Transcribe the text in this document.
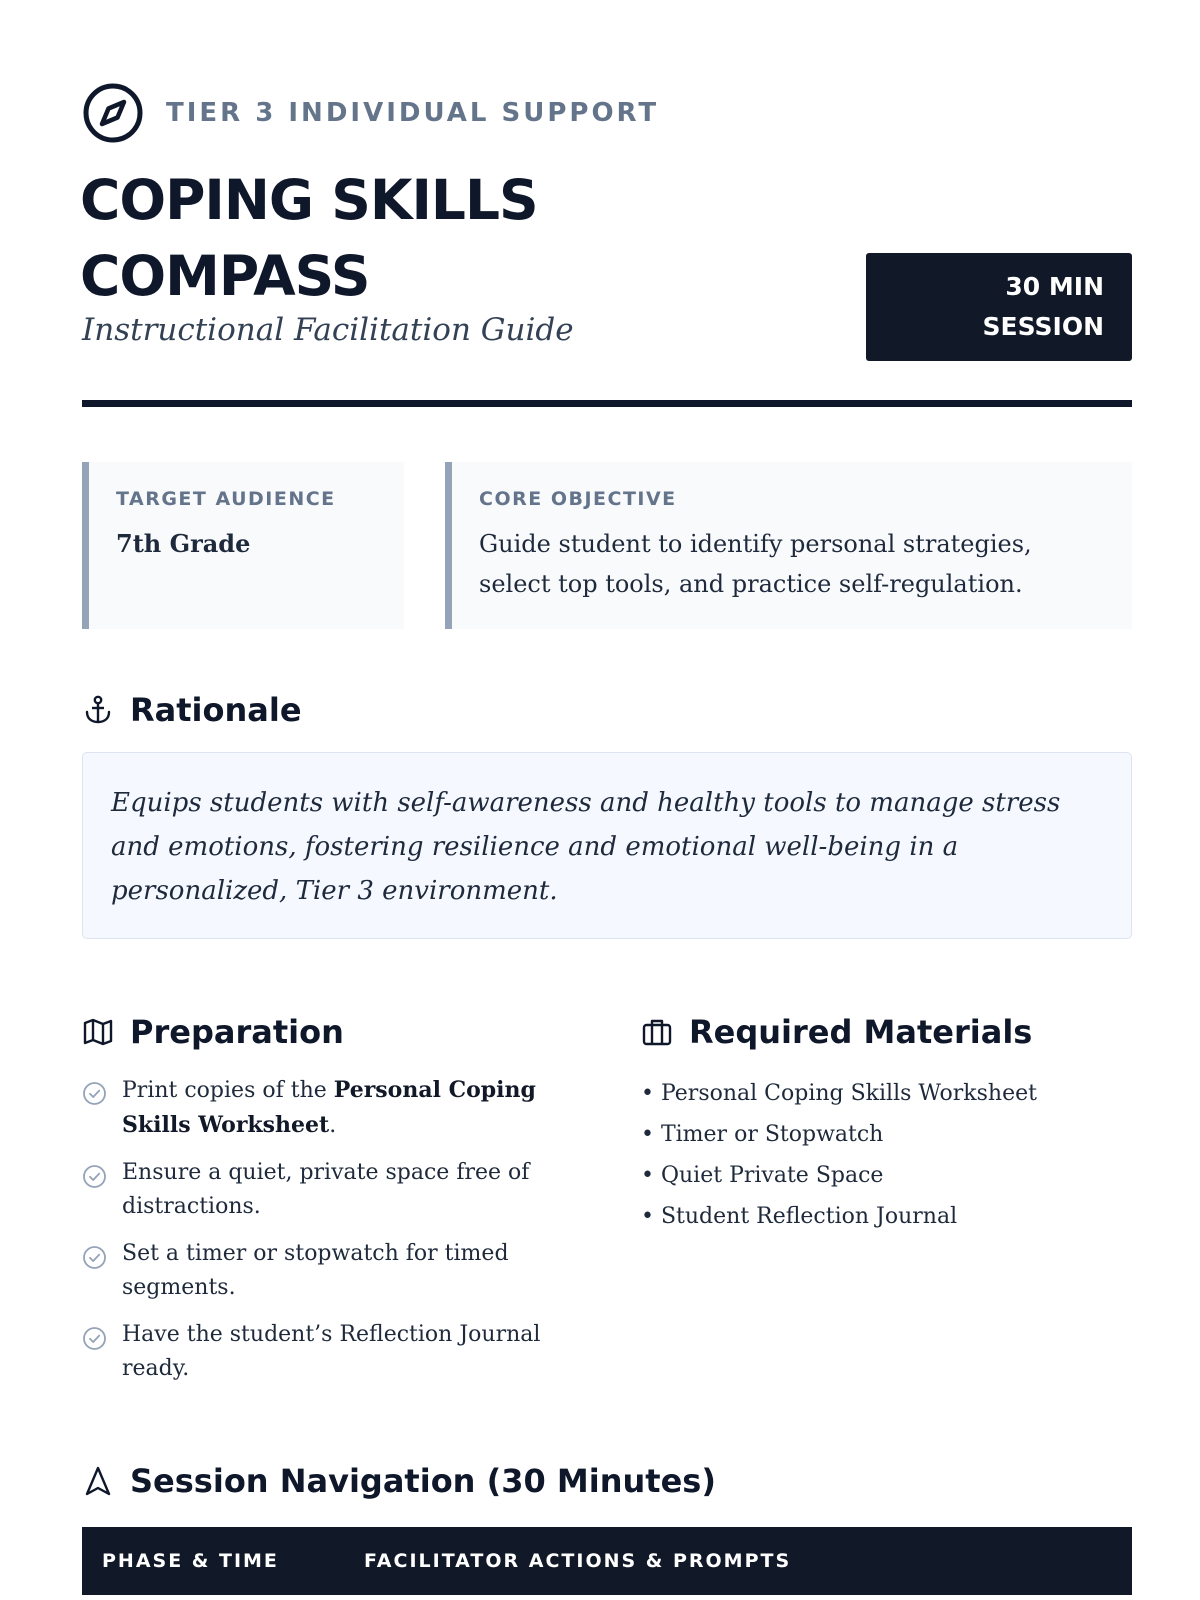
TIER 3 INDIVIDUAL SUPPORT
COPING SKILLS
COMPASS
Instructional Facilitation Guide
30 MIN
SESSION
TARGET AUDIENCE
7th Grade
CORE OBJECTIVE
Guide student to identify personal strategies, select top tools, and practice self-regulation.
Rationale
Equips students with self-awareness and healthy tools to manage stress and emotions, fostering resilience and emotional well-being in a personalized, Tier 3 environment.
Preparation
Print copies of the Personal Coping Skills Worksheet.
Ensure a quiet, private space free of distractions.
Set a timer or stopwatch for timed segments.
Have the student’s Reflection Journal ready.
Required Materials
• Personal Coping Skills Worksheet
• Timer or Stopwatch
• Quiet Private Space
• Student Reflection Journal
Session Navigation (30 Minutes)
PHASE & TIME	FACILITATOR ACTIONS & PROMPTS
